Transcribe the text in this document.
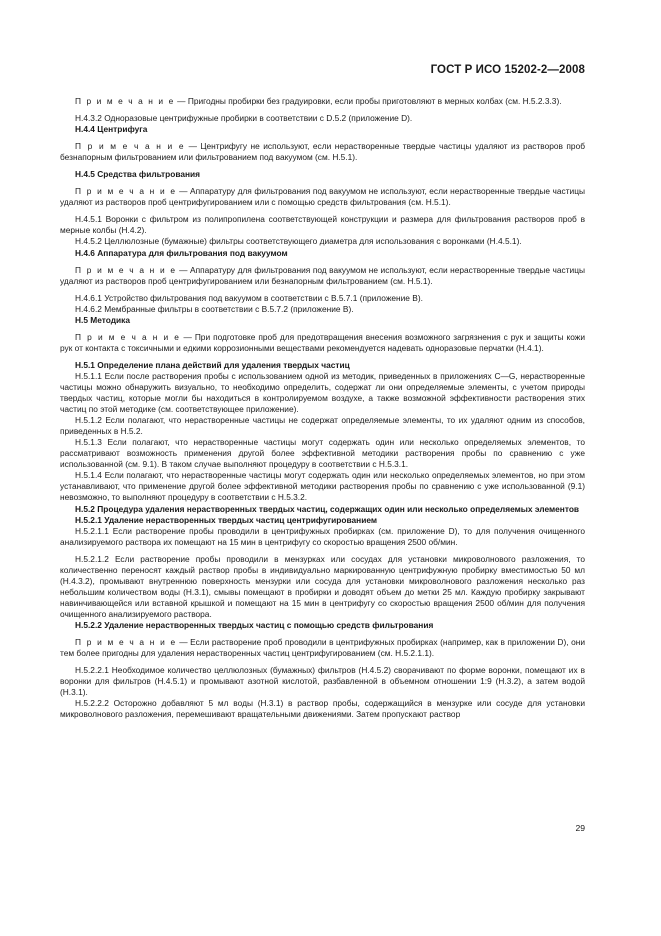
ГОСТ Р ИСО 15202-2—2008

П р и м е ч а н и е — Пригодны пробирки без градуировки, если пробы приготовляют в мерных колбах (см. Н.5.2.3.3).

Н.4.3.2 Одноразовые центрифужные пробирки в соответствии с D.5.2 (приложение D).

Н.4.4 Центрифуга

П р и м е ч а н и е — Центрифугу не используют, если нерастворенные твердые частицы удаляют из растворов проб безнапорным фильтрованием или фильтрованием под вакуумом (см. Н.5.1).

Н.4.5 Средства фильтрования

П р и м е ч а н и е — Аппаратуру для фильтрования под вакуумом не используют, если нерастворенные твердые частицы удаляют из растворов проб центрифугированием или с помощью средств фильтрования (см. Н.5.1).

Н.4.5.1 Воронки с фильтром из полипропилена соответствующей конструкции и размера для фильтрования растворов проб в мерные колбы (Н.4.2).

Н.4.5.2 Целлюлозные (бумажные) фильтры соответствующего диаметра для использования с воронками (Н.4.5.1).

Н.4.6 Аппаратура для фильтрования под вакуумом

П р и м е ч а н и е — Аппаратуру для фильтрования под вакуумом не используют, если нерастворенные твердые частицы удаляют из растворов проб центрифугированием или безнапорным фильтрованием (см. Н.5.1).

Н.4.6.1 Устройство фильтрования под вакуумом в соответствии с В.5.7.1 (приложение В).

Н.4.6.2 Мембранные фильтры в соответствии с В.5.7.2 (приложение В).

Н.5 Методика

П р и м е ч а н и е — При подготовке проб для предотвращения внесения возможного загрязнения с рук и защиты кожи рук от контакта с токсичными и едкими коррозионными веществами рекомендуется надевать одноразовые перчатки (Н.4.1).

Н.5.1 Определение плана действий для удаления твердых частиц

Н.5.1.1 Если после растворения пробы с использованием одной из методик, приведенных в приложениях С—G, нерастворенные частицы можно обнаружить визуально, то необходимо определить, содержат ли они определяемые элементы, с учетом природы твердых частиц, которые могли бы находиться в контролируемом воздухе, а также возможной эффективности растворения этих частиц по этой методике (см. соответствующее приложение).

Н.5.1.2 Если полагают, что нерастворенные частицы не содержат определяемые элементы, то их удаляют одним из способов, приведенных в Н.5.2.

Н.5.1.3 Если полагают, что нерастворенные частицы могут содержать один или несколько определяемых элементов, то рассматривают возможность применения другой более эффективной методики растворения пробы по сравнению с уже использованной (см. 9.1). В таком случае выполняют процедуру в соответствии с Н.5.3.1.

Н.5.1.4 Если полагают, что нерастворенные частицы могут содержать один или несколько определяемых элементов, но при этом устанавливают, что применение другой более эффективной методики растворения пробы по сравнению с уже использованной (9.1) невозможно, то выполняют процедуру в соответствии с Н.5.3.2.

Н.5.2 Процедура удаления нерастворенных твердых частиц, содержащих один или несколько определяемых элементов

Н.5.2.1 Удаление нерастворенных твердых частиц центрифугированием

Н.5.2.1.1 Если растворение пробы проводили в центрифужных пробирках (см. приложение D), то для получения очищенного анализируемого раствора их помещают на 15 мин в центрифугу со скоростью вращения 2500 об/мин.

Н.5.2.1.2 Если растворение пробы проводили в мензурках или сосудах для установки микроволнового разложения, то количественно переносят каждый раствор пробы в индивидуально маркированную центрифужную пробирку вместимостью 50 мл (Н.4.3.2), промывают внутреннюю поверхность мензурки или сосуда для установки микроволнового разложения несколько раз небольшим количеством воды (Н.3.1), смывы помещают в пробирки и доводят объем до метки 25 мл. Каждую пробирку закрывают навинчивающейся или вставной крышкой и помещают на 15 мин в центрифугу со скоростью вращения 2500 об/мин для получения очищенного анализируемого раствора.

Н.5.2.2 Удаление нерастворенных твердых частиц с помощью средств фильтрования

П р и м е ч а н и е — Если растворение проб проводили в центрифужных пробирках (например, как в приложении D), они тем более пригодны для удаления нерастворенных частиц центрифугированием (см. Н.5.2.1.1).

Н.5.2.2.1 Необходимое количество целлюлозных (бумажных) фильтров (Н.4.5.2) сворачивают по форме воронки, помещают их в воронки для фильтров (Н.4.5.1) и промывают азотной кислотой, разбавленной в объемном отношении 1:9 (Н.3.2), а затем водой (Н.3.1).

Н.5.2.2.2 Осторожно добавляют 5 мл воды (Н.3.1) в раствор пробы, содержащийся в мензурке или сосуде для установки микроволнового разложения, перемешивают вращательными движениями. Затем пропускают раствор

29
